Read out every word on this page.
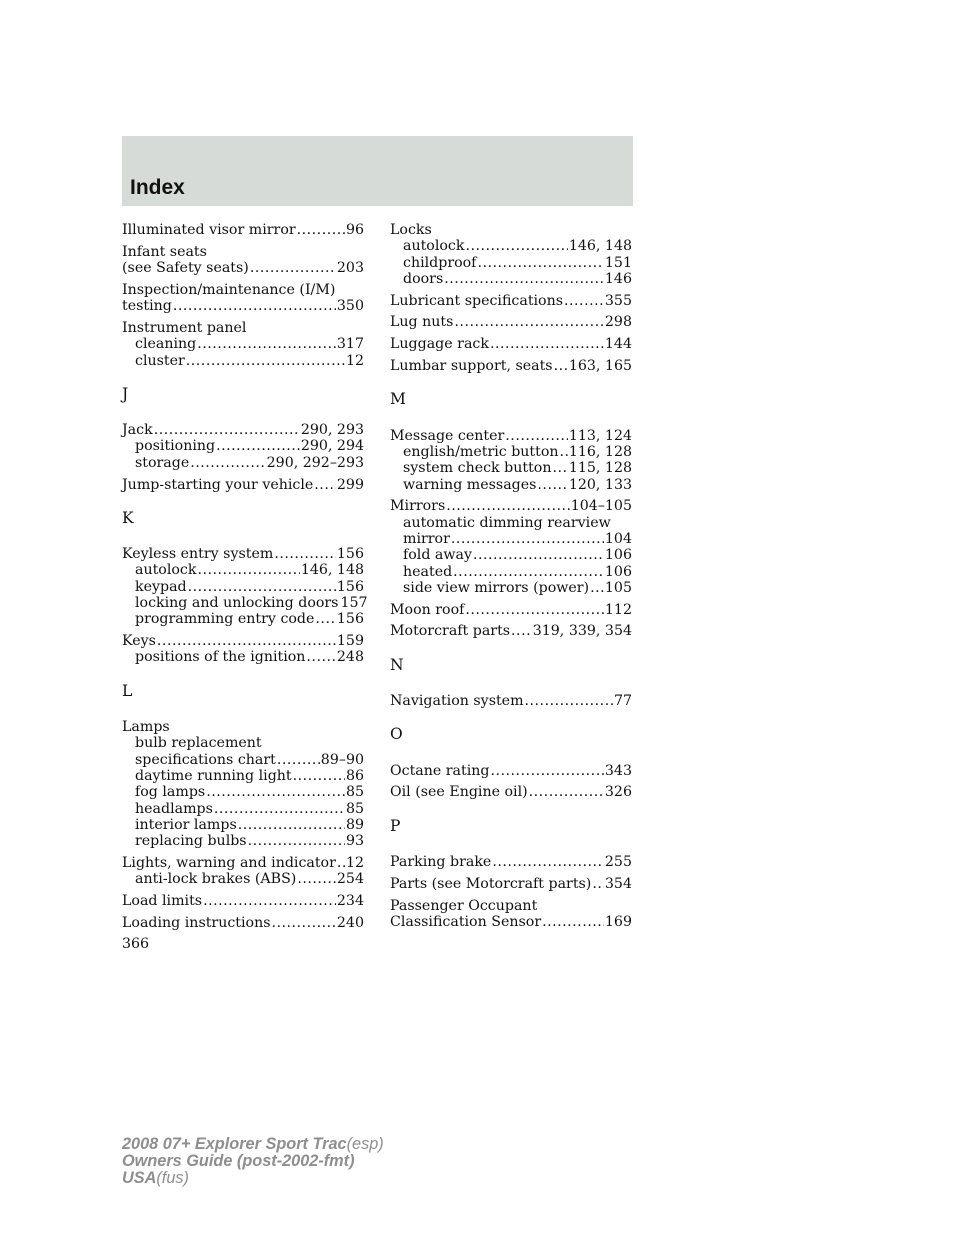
Index
Illuminated visor mirror .....	96
Infant seats
(see Safety seats) .....	203
Inspection/maintenance (I/M)
testing .....	350
Instrument panel
cleaning .....	317
cluster .....	12
J
Jack .....	290, 293
positioning .....	290, 294
storage .....	290, 292–293
Jump-starting your vehicle ..... 299
K
Keyless entry system .....	156
autolock .....	146, 148
keypad .....	156
locking and unlocking doors 157
programming entry code ..... 156
Keys .....	159
positions of the ignition ..... 248
L
Lamps
bulb replacement
specifications chart .....	89–90
daytime running light .....	86
fog lamps .....	85
headlamps .....	85
interior lamps .....	89
replacing bulbs .....	93
Lights, warning and indicator ..... 12
anti-lock brakes (ABS) .....	254
Load limits .....	234
Loading instructions .....	240
Locks
autolock .....	146, 148
childproof .....	151
doors .....	146
Lubricant specifications .....	355
Lug nuts .....	298
Luggage rack .....	144
Lumbar support, seats ..... 163, 165
M
Message center .....	113, 124
english/metric button ..... 116, 128
system check button ..... 115, 128
warning messages ..... 120, 133
Mirrors .....	104–105
automatic dimming rearview
mirror .....	104
fold away .....	106
heated .....	106
side view mirrors (power) ..... 105
Moon roof .....	112
Motorcraft parts ..... 319, 339, 354
N
Navigation system .....	77
O
Octane rating .....	343
Oil (see Engine oil) .....	326
P
Parking brake .....	255
Parts (see Motorcraft parts) ..... 354
Passenger Occupant
Classification Sensor .....	169
366
2008 07+ Explorer Sport Trac(esp)
Owners Guide (post-2002-fmt)
USA(fus)
